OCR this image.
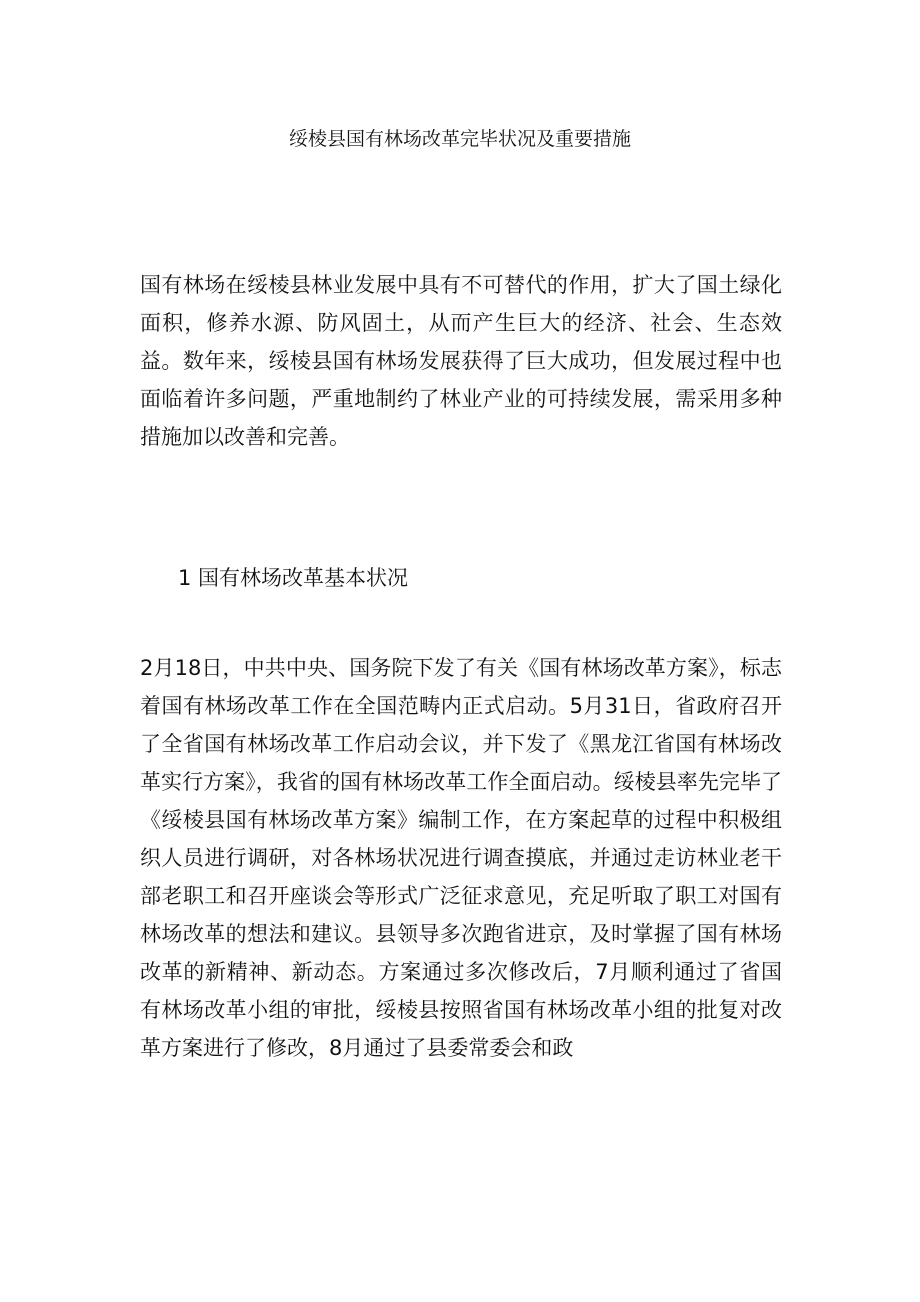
绥棱县国有林场改革完毕状况及重要措施

国有林场在绥棱县林业发展中具有不可替代的作用，扩大了国土绿化面积，修养水源、防风固土，从而产生巨大的经济、社会、生态效益。数年来，绥棱县国有林场发展获得了巨大成功，但发展过程中也面临着许多问题，严重地制约了林业产业的可持续发展，需采用多种措施加以改善和完善。

1 国有林场改革基本状况

2月18日，中共中央、国务院下发了有关《国有林场改革方案》，标志着国有林场改革工作在全国范畴内正式启动。5月31日，省政府召开了全省国有林场改革工作启动会议，并下发了《黑龙江省国有林场改革实行方案》，我省的国有林场改革工作全面启动。绥棱县率先完毕了《绥棱县国有林场改革方案》编制工作，在方案起草的过程中积极组织人员进行调研，对各林场状况进行调查摸底，并通过走访林业老干部老职工和召开座谈会等形式广泛征求意见，充足听取了职工对国有林场改革的想法和建议。县领导多次跑省进京，及时掌握了国有林场改革的新精神、新动态。方案通过多次修改后，7月顺利通过了省国有林场改革小组的审批，绥棱县按照省国有林场改革小组的批复对改革方案进行了修改，8月通过了县委常委会和政
